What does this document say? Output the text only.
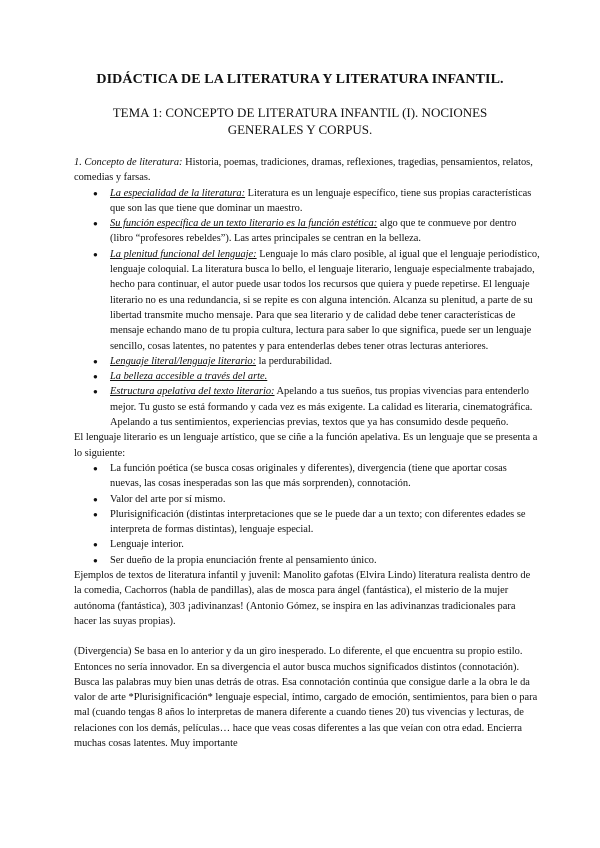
DIDÁCTICA DE LA LITERATURA Y LITERATURA INFANTIL.
TEMA 1: CONCEPTO DE LITERATURA INFANTIL (I). NOCIONES GENERALES Y CORPUS.

1. Concepto de literatura: Historia, poemas, tradiciones, dramas, reflexiones, tragedias, pensamientos, relatos, comedias y farsas.

● La especialidad de la literatura: Literatura es un lenguaje específico, tiene sus propias características que son las que tiene que dominar un maestro.
● Su función específica de un texto literario es la función estética: algo que te conmueve por dentro (libro “profesores rebeldes”). Las artes principales se centran en la belleza.
● La plenitud funcional del lenguaje: Lenguaje lo más claro posible, al igual que el lenguaje periodístico, lenguaje coloquial. La literatura busca lo bello, el lenguaje literario, lenguaje especialmente trabajado, hecho para continuar, el autor puede usar todos los recursos que quiera y puede repetirse. El lenguaje literario no es una redundancia, si se repite es con alguna intención. Alcanza su plenitud, a parte de su libertad transmite mucho mensaje. Para que sea literario y de calidad debe tener características de mensaje echando mano de tu propia cultura, lectura para saber lo que significa, puede ser un lenguaje sencillo, cosas latentes, no patentes y para entenderlas debes tener otras lecturas anteriores.
● Lenguaje literal/lenguaje literario: la perdurabilidad.
● La belleza accesible a través del arte.
● Estructura apelativa del texto literario: Apelando a tus sueños, tus propias vivencias para entenderlo mejor. Tu gusto se está formando y cada vez es más exigente. La calidad es literaria, cinematográfica. Apelando a tus sentimientos, experiencias previas, textos que ya has consumido desde pequeño.

El lenguaje literario es un lenguaje artístico, que se ciñe a la función apelativa. Es un lenguaje que se presenta a lo siguiente:

● La función poética (se busca cosas originales y diferentes), divergencia (tiene que aportar cosas nuevas, las cosas inesperadas son las que más sorprenden), connotación.
● Valor del arte por sí mismo.
● Plurisignificación (distintas interpretaciones que se le puede dar a un texto; con diferentes edades se interpreta de formas distintas), lenguaje especial.
● Lenguaje interior.
● Ser dueño de la propia enunciación frente al pensamiento único.

Ejemplos de textos de literatura infantil y juvenil: Manolito gafotas (Elvira Lindo) literatura realista dentro de la comedia, Cachorros (habla de pandillas), alas de mosca para ángel (fantástica), el misterio de la mujer autónoma (fantástica), 303 ¡adivinanzas! (Antonio Gómez, se inspira en las adivinanzas tradicionales para hacer las suyas propias).

(Divergencia) Se basa en lo anterior y da un giro inesperado. Lo diferente, el que encuentra su propio estilo. Entonces no sería innovador. En sa divergencia el autor busca muchos significados distintos (connotación). Busca las palabras muy bien unas detrás de otras. Esa connotación continúa que consigue darle a la obra le da valor de arte *Plurisignificación* lenguaje especial, íntimo, cargado de emoción, sentimientos, para bien o para mal (cuando tengas 8 años lo interpretas de manera diferente a cuando tienes 20) tus vivencias y lecturas, de relaciones con los demás, películas… hace que veas cosas diferentes a las que veían con otra edad. Encierra muchas cosas latentes. Muy importante
